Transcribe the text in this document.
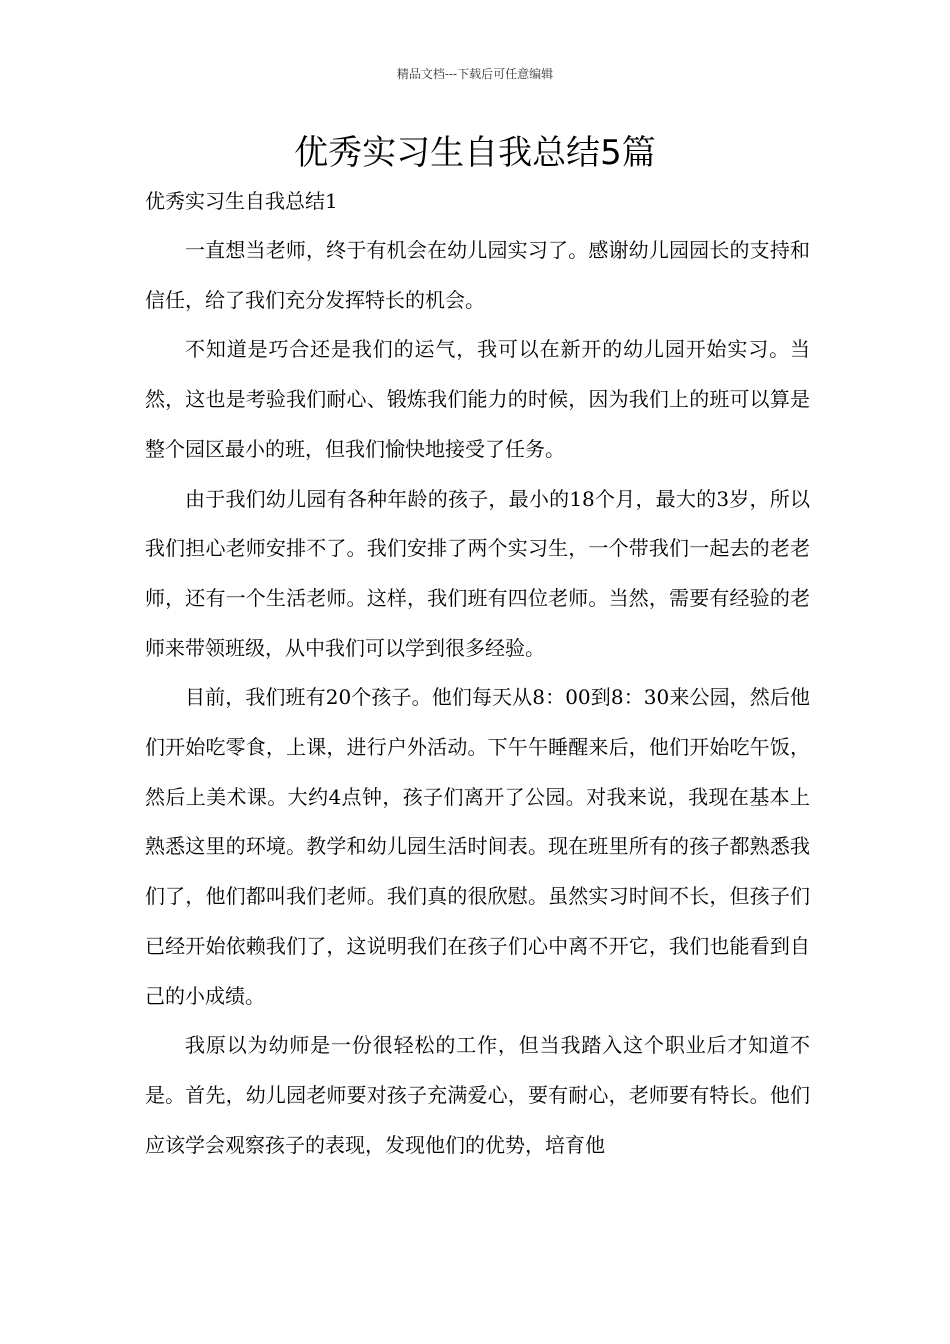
精品文档---下载后可任意编辑
优秀实习生自我总结5篇
优秀实习生自我总结1

一直想当老师，终于有机会在幼儿园实习了。感谢幼儿园园长的支持和信任，给了我们充分发挥特长的机会。

不知道是巧合还是我们的运气，我可以在新开的幼儿园开始实习。当然，这也是考验我们耐心、锻炼我们能力的时候，因为我们上的班可以算是整个园区最小的班，但我们愉快地接受了任务。

由于我们幼儿园有各种年龄的孩子，最小的18个月，最大的3岁，所以我们担心老师安排不了。我们安排了两个实习生，一个带我们一起去的老老师，还有一个生活老师。这样，我们班有四位老师。当然，需要有经验的老师来带领班级，从中我们可以学到很多经验。

目前，我们班有20个孩子。他们每天从8：00到8：30来公园，然后他们开始吃零食，上课，进行户外活动。下午午睡醒来后，他们开始吃午饭，然后上美术课。大约4点钟，孩子们离开了公园。对我来说，我现在基本上熟悉这里的环境。教学和幼儿园生活时间表。现在班里所有的孩子都熟悉我们了，他们都叫我们老师。我们真的很欣慰。虽然实习时间不长，但孩子们已经开始依赖我们了，这说明我们在孩子们心中离不开它，我们也能看到自己的小成绩。

我原以为幼师是一份很轻松的工作，但当我踏入这个职业后才知道不是。首先，幼儿园老师要对孩子充满爱心，要有耐心，老师要有特长。他们应该学会观察孩子的表现，发现他们的优势，培育他
